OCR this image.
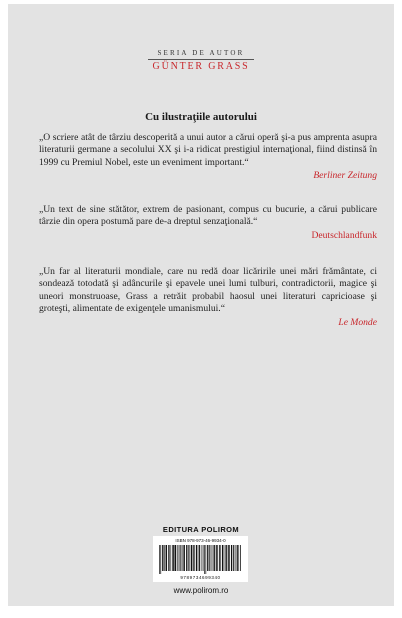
SERIA DE AUTOR
GÜNTER GRASS
Cu ilustraţiile autorului

„O scriere atât de târziu descoperită a unui autor a cărui operă şi-a pus amprenta asupra literaturii germane a secolului XX şi i-a ridicat prestigiul internaţional, fiind distinsă în 1999 cu Premiul Nobel, este un eveniment important.“

Berliner Zeitung

„Un text de sine stătător, extrem de pasionant, compus cu bucurie, a cărui publicare târzie din opera postumă pare de-a dreptul senzaţională.“

Deutschlandfunk

„Un far al literaturii mondiale, care nu redă doar licăririle unei mări frământate, ci sondează totodată şi adâncurile şi epavele unei lumi tulburi, contradictorii, magice şi uneori monstruoase, Grass a retrăit probabil haosul unei literaturi capricioase şi groteşti, alimentate de exigenţele umanismului.“

Le Monde
EDITURA POLIROM
ISBN 978-973-46-9934-0
9789734699340
www.polirom.ro
